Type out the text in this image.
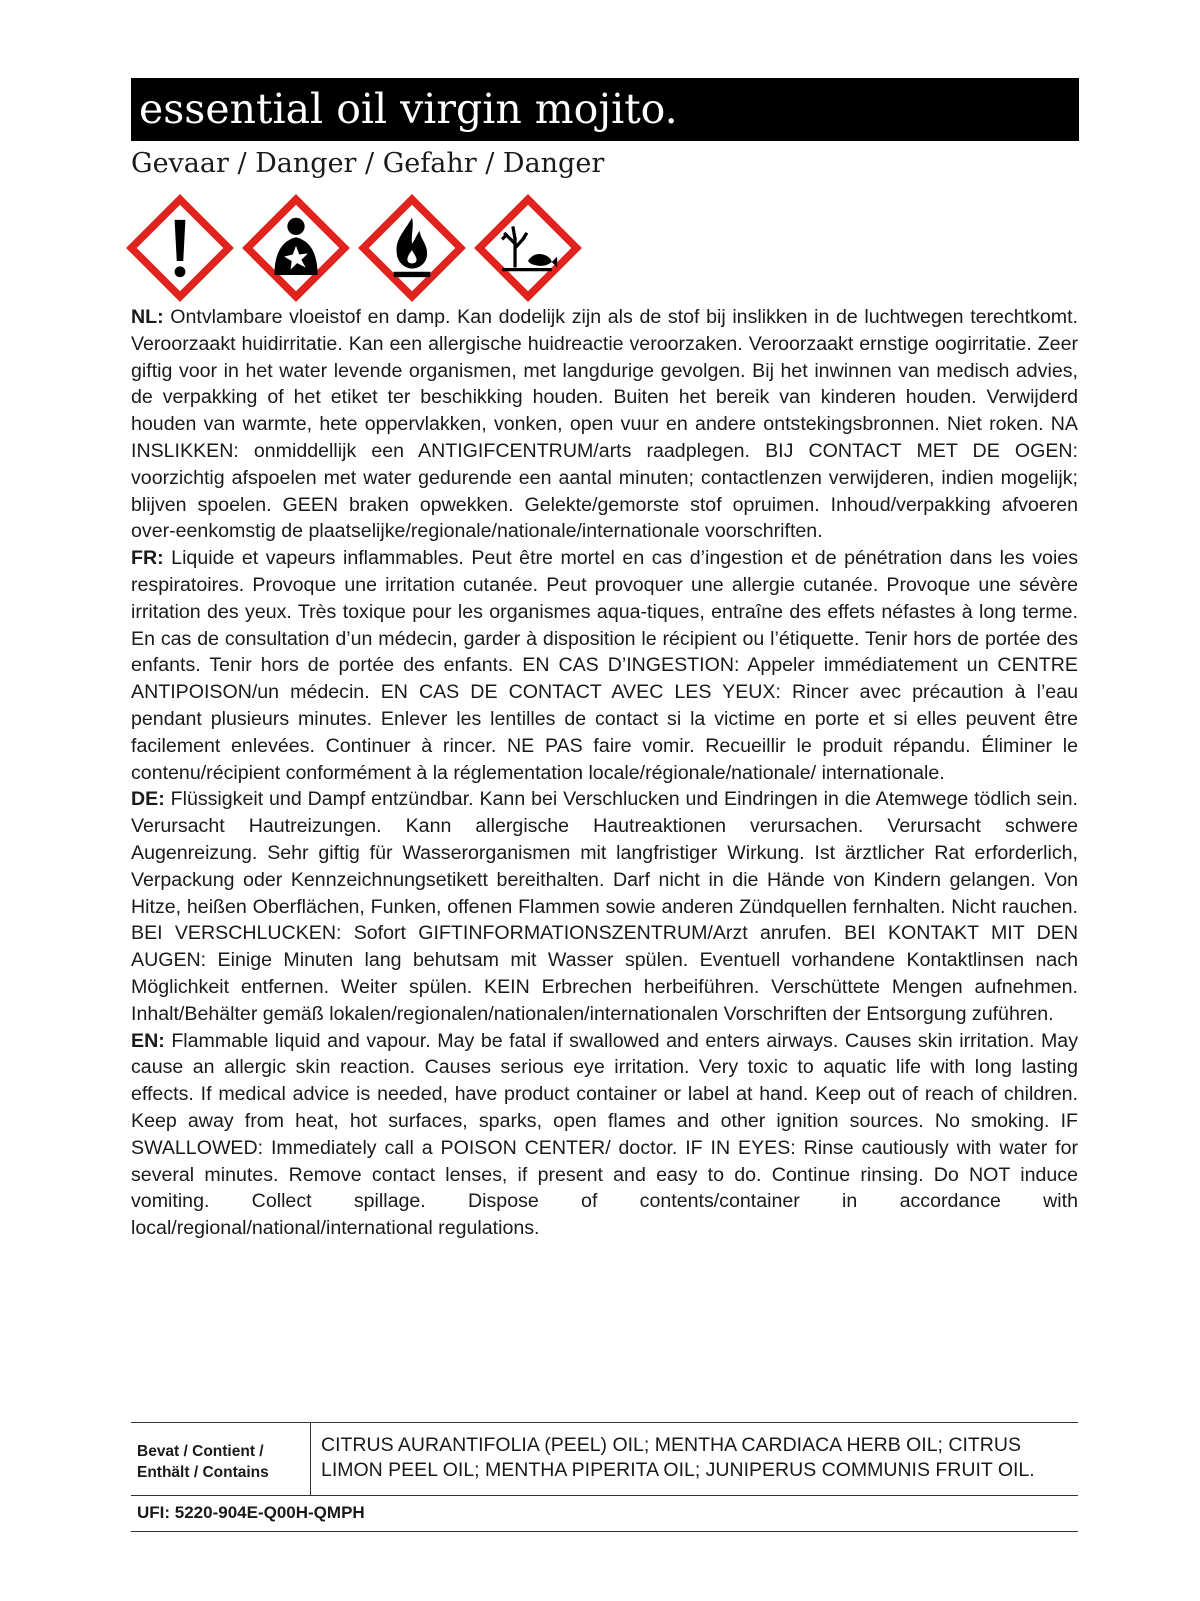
essential oil virgin mojito.
Gevaar / Danger / Gefahr / Danger

NL: Ontvlambare vloeistof en damp. Kan dodelijk zijn als de stof bij inslikken in de luchtwegen terechtkomt. Veroorzaakt huidirritatie. Kan een allergische huidreactie veroorzaken. Veroorzaakt ernstige oogirritatie. Zeer giftig voor in het water levende organismen, met langdurige gevolgen. Bij het inwinnen van medisch advies, de verpakking of het etiket ter beschikking houden. Buiten het bereik van kinderen houden. Verwijderd houden van warmte, hete oppervlakken, vonken, open vuur en andere ontstekingsbronnen. Niet roken. NA INSLIKKEN: onmiddellijk een ANTIGIFCENTRUM/arts raadplegen. BIJ CONTACT MET DE OGEN: voorzichtig afspoelen met water gedurende een aantal minuten; contactlenzen verwijderen, indien mogelijk; blijven spoelen. GEEN braken opwekken. Gelekte/gemorste stof opruimen. Inhoud/verpakking afvoeren over-eenkomstig de plaatselijke/regionale/nationale/internationale voorschriften.

FR: Liquide et vapeurs inflammables. Peut être mortel en cas d’ingestion et de pénétration dans les voies respiratoires. Provoque une irritation cutanée. Peut provoquer une allergie cutanée. Provoque une sévère irritation des yeux. Très toxique pour les organismes aqua-tiques, entraîne des effets néfastes à long terme. En cas de consultation d’un médecin, garder à disposition le récipient ou l’étiquette. Tenir hors de portée des enfants. Tenir hors de portée des enfants. EN CAS D’INGESTION: Appeler immédiatement un CENTRE ANTIPOISON/un médecin. EN CAS DE CONTACT AVEC LES YEUX: Rincer avec précaution à l’eau pendant plusieurs minutes. Enlever les lentilles de contact si la victime en porte et si elles peuvent être facilement enlevées. Continuer à rincer. NE PAS faire vomir. Recueillir le produit répandu. Éliminer le contenu/récipient conformément à la réglementation locale/régionale/nationale/ internationale.

DE: Flüssigkeit und Dampf entzündbar. Kann bei Verschlucken und Eindringen in die Atemwege tödlich sein. Verursacht Hautreizungen. Kann allergische Hautreaktionen verursachen. Verursacht schwere Augenreizung. Sehr giftig für Wasserorganismen mit langfristiger Wirkung. Ist ärztlicher Rat erforderlich, Verpackung oder Kennzeichnungsetikett bereithalten. Darf nicht in die Hände von Kindern gelangen. Von Hitze, heißen Oberflächen, Funken, offenen Flammen sowie anderen Zündquellen fernhalten. Nicht rauchen. BEI VERSCHLUCKEN: Sofort GIFTINFORMATIONSZENTRUM/Arzt anrufen. BEI KONTAKT MIT DEN AUGEN: Einige Minuten lang behutsam mit Wasser spülen. Eventuell vorhandene Kontaktlinsen nach Möglichkeit entfernen. Weiter spülen. KEIN Erbrechen herbeiführen. Verschüttete Mengen aufnehmen. Inhalt/Behälter gemäß lokalen/regionalen/nationalen/internationalen Vorschriften der Entsorgung zuführen.

EN: Flammable liquid and vapour. May be fatal if swallowed and enters airways. Causes skin irritation. May cause an allergic skin reaction. Causes serious eye irritation. Very toxic to aquatic life with long lasting effects. If medical advice is needed, have product container or label at hand. Keep out of reach of children. Keep away from heat, hot surfaces, sparks, open flames and other ignition sources. No smoking. IF SWALLOWED: Immediately call a POISON CENTER/ doctor. IF IN EYES: Rinse cautiously with water for several minutes. Remove contact lenses, if present and easy to do. Continue rinsing. Do NOT induce vomiting. Collect spillage. Dispose of contents/container in accordance with local/regional/national/international regulations.

Bevat / Contient /
Enthält / Contains
CITRUS AURANTIFOLIA (PEEL) OIL; MENTHA CARDIACA HERB OIL; CITRUS LIMON PEEL OIL; MENTHA PIPERITA OIL; JUNIPERUS COMMUNIS FRUIT OIL.
UFI: 5220-904E-Q00H-QMPH
